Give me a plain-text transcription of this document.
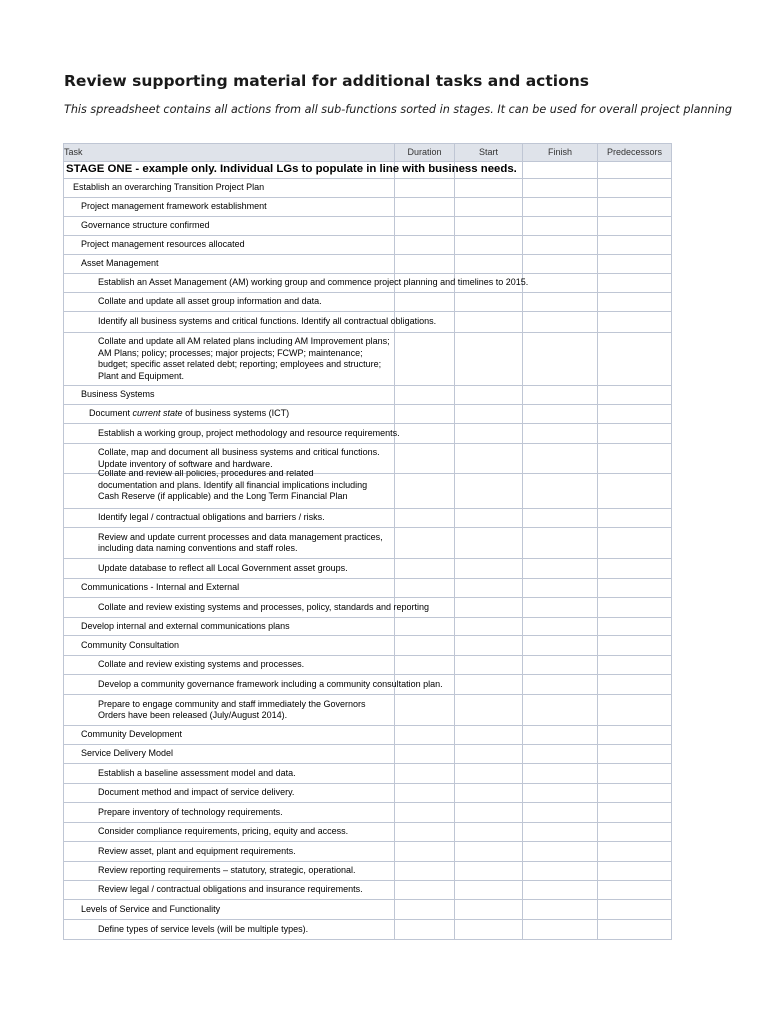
Review supporting material for additional tasks and actions
This spreadsheet contains all actions from all sub-functions sorted in stages. It can be used for overall project planning
Task	Duration	Start	Finish	Predecessors
STAGE ONE - example only. Individual LGs to populate in line with business needs.				
Establish an overarching Transition Project Plan				
Project management framework establishment				
Governance structure confirmed				
Project management resources allocated				
Asset Management				
Establish an Asset Management (AM) working group and commence project planning and timelines to 2015.				
Collate and update all asset group information and data.				
Identify all business systems and critical functions. Identify all contractual obligations.				

Collate and update all AM related plans including AM Improvement plans; AM Plans; policy; processes; major projects; FCWP; maintenance; budget; specific asset related debt; reporting; employees and structure; Plant and Equipment.				

Business Systems				
Document current state of business systems (ICT)				
Establish a working group, project methodology and resource requirements.				

Collate, map and document all business systems and critical functions. Update inventory of software and hardware.				

Collate and review all policies, procedures and related documentation and plans. Identify all financial implications including Cash Reserve (if applicable) and the Long Term Financial Plan				

Identify legal / contractual obligations and barriers / risks.				

Review and update current processes and data management practices, including data naming conventions and staff roles.				

Update database to reflect all Local Government asset groups.				
Communications - Internal and External				
Collate and review existing systems and processes, policy, standards and reporting				
Develop internal and external communications plans				
Community Consultation				
Collate and review existing systems and processes.				
Develop a community governance framework including a community consultation plan.				

Prepare to engage community and staff immediately the Governors Orders have been released (July/August 2014).				

Community Development				
Service Delivery Model				
Establish a baseline assessment model and data.				
Document method and impact of service delivery.				
Prepare inventory of technology requirements.				
Consider compliance requirements, pricing, equity and access.				
Review asset, plant and equipment requirements.				
Review reporting requirements – statutory, strategic, operational.				
Review legal / contractual obligations and insurance requirements.				
Levels of Service and Functionality				
Define types of service levels (will be multiple types).				
